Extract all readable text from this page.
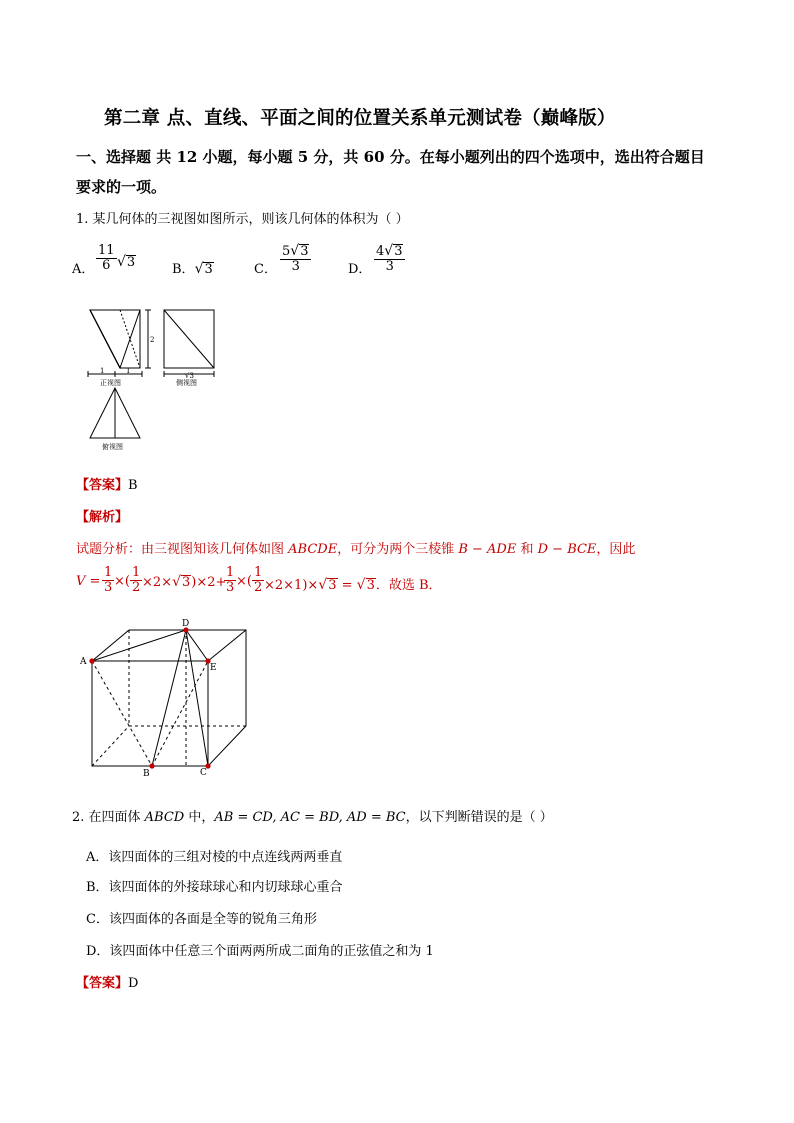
第二章 点、直线、平面之间的位置关系单元测试卷（巅峰版）
一、选择题 共 12 小题，每小题 5 分，共 60 分。在每小题列出的四个选项中，选出符合题目
要求的一项。
1. 某几何体的三视图如图所示，则该几何体的体积为（ ）
A． $\frac{11}{6} √3$	B．√3	C． $\frac{5√3}{3}$	D． $\frac{4√3}{3}$
1	1
2
√3
正视图	侧视图
俯视图
【答案】B
【解析】
试题分析：由三视图知该几何体如图 ABCDE，可分为两个三棱锥 B − ADE 和 D − BCE，因此
$V = \frac{1}{3}$ ×( $\frac{1}{2} \times 2\times√3)\times 2+$
$\frac{1}{3}$ ×( $\frac{1}{2} \times 2\times 1)\times√3 = √3$．故选 B．
A
D
E
B	C
2. 在四面体 ABCD 中，AB = CD, AC = BD, AD = BC，以下判断错误的是（ ）
A．该四面体的三组对棱的中点连线两两垂直
B．该四面体的外接球球心和内切球球心重合
C．该四面体的各面是全等的锐角三角形
D．该四面体中任意三个面两两所成二面角的正弦值之和为 1
【答案】D
